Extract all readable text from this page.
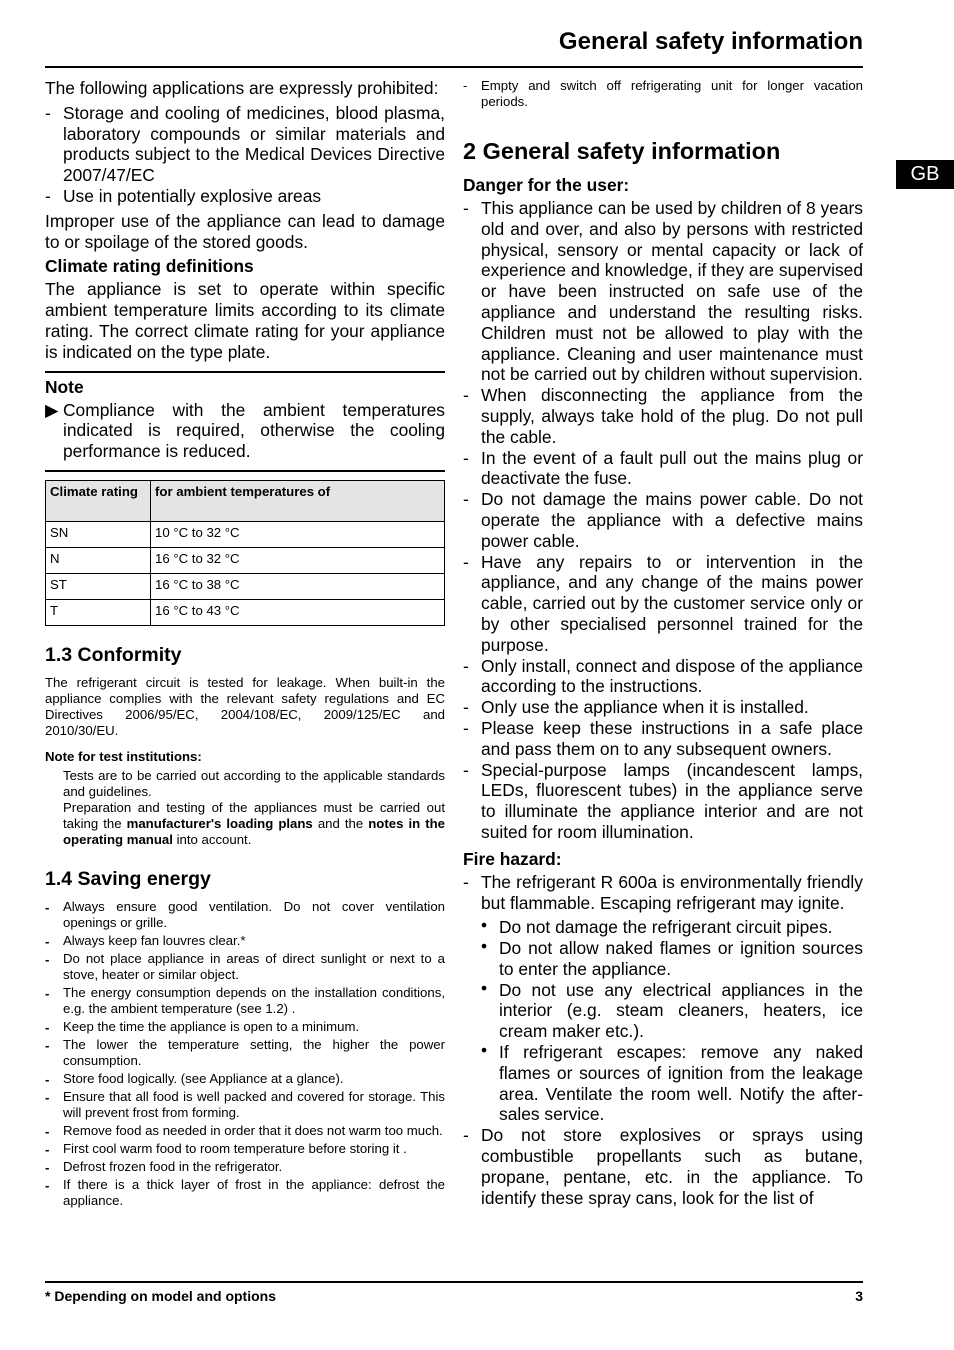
General safety information
GB

The following applications are expressly prohibited:

- Storage and cooling of medicines, blood plasma, laboratory compounds or similar materials and products subject to the Medical Devices Directive 2007/47/EC
- Use in potentially explosive areas

Improper use of the appliance can lead to damage to or spoilage of the stored goods.

Climate rating definitions

The appliance is set to operate within specific ambient temperature limits according to its climate rating. The correct climate rating for your appliance is indicated on the type plate.

Note
▶ Compliance with the ambient temperatures indicated is required, otherwise the cooling performance is reduced.
Climate rating	for ambient temperatures of
SN	10 °C to 32 °C
N	16 °C to 32 °C
ST	16 °C to 38 °C
T	16 °C to 43 °C
1.3 Conformity

The refrigerant circuit is tested for leakage. When built-in the appliance complies with the relevant safety regulations and EC Directives 2006/95/EC, 2004/108/EC, 2009/125/EC and 2010/30/EU.

Note for test institutions:

Tests are to be carried out according to the applicable standards and guidelines.

Preparation and testing of the appliances must be carried out taking the manufacturer's loading plans and the notes in the operating manual into account.

1.4 Saving energy
- Always ensure good ventilation. Do not cover ventilation openings or grille.
- Always keep fan louvres clear.*
- Do not place appliance in areas of direct sunlight or next to a stove, heater or similar object.
- The energy consumption depends on the installation conditions, e.g. the ambient temperature (see 1.2) .
- Keep the time the appliance is open to a minimum.
- The lower the temperature setting, the higher the power consumption.
- Store food logically. (see Appliance at a glance).
- Ensure that all food is well packed and covered for storage. This will prevent frost from forming.
- Remove food as needed in order that it does not warm too much.
- First cool warm food to room temperature before storing it .
- Defrost frozen food in the refrigerator.
- If there is a thick layer of frost in the appliance: defrost the appliance.
- Empty and switch off refrigerating unit for longer vacation periods.
2 General safety information
Danger for the user:
- This appliance can be used by children of 8 years old and over, and also by persons with restricted physical, sensory or mental capacity or lack of experience and knowledge, if they are supervised or have been instructed on safe use of the appliance and understand the resulting risks. Children must not be allowed to play with the appliance. Cleaning and user maintenance must not be carried out by children without supervision.
- When disconnecting the appliance from the supply, always take hold of the plug. Do not pull the cable.
- In the event of a fault pull out the mains plug or deactivate the fuse.
- Do not damage the mains power cable. Do not operate the appliance with a defective mains power cable.
- Have any repairs to or intervention in the appliance, and any change of the mains power cable, carried out by the customer service only or by other specialised personnel trained for the purpose.
- Only install, connect and dispose of the appliance according to the instructions.
- Only use the appliance when it is installed.
- Please keep these instructions in a safe place and pass them on to any subsequent owners.
- Special-purpose lamps (incandescent lamps, LEDs, fluorescent tubes) in the appliance serve to illuminate the appliance interior and are not suited for room illumination.
Fire hazard:
- The refrigerant R 600a is environmentally friendly but flammable. Escaping refrigerant may ignite.
• Do not damage the refrigerant circuit pipes.
• Do not allow naked flames or ignition sources to enter the appliance.
• Do not use any electrical appliances in the interior (e.g. steam cleaners, heaters, ice cream maker etc.).
• If refrigerant escapes: remove any naked flames or sources of ignition from the leakage area. Ventilate the room well. Notify the after-sales service.
- Do not store explosives or sprays using combustible propellants such as butane, propane, pentane, etc. in the appliance. To identify these spray cans, look for the list of
* Depending on model and options	3
